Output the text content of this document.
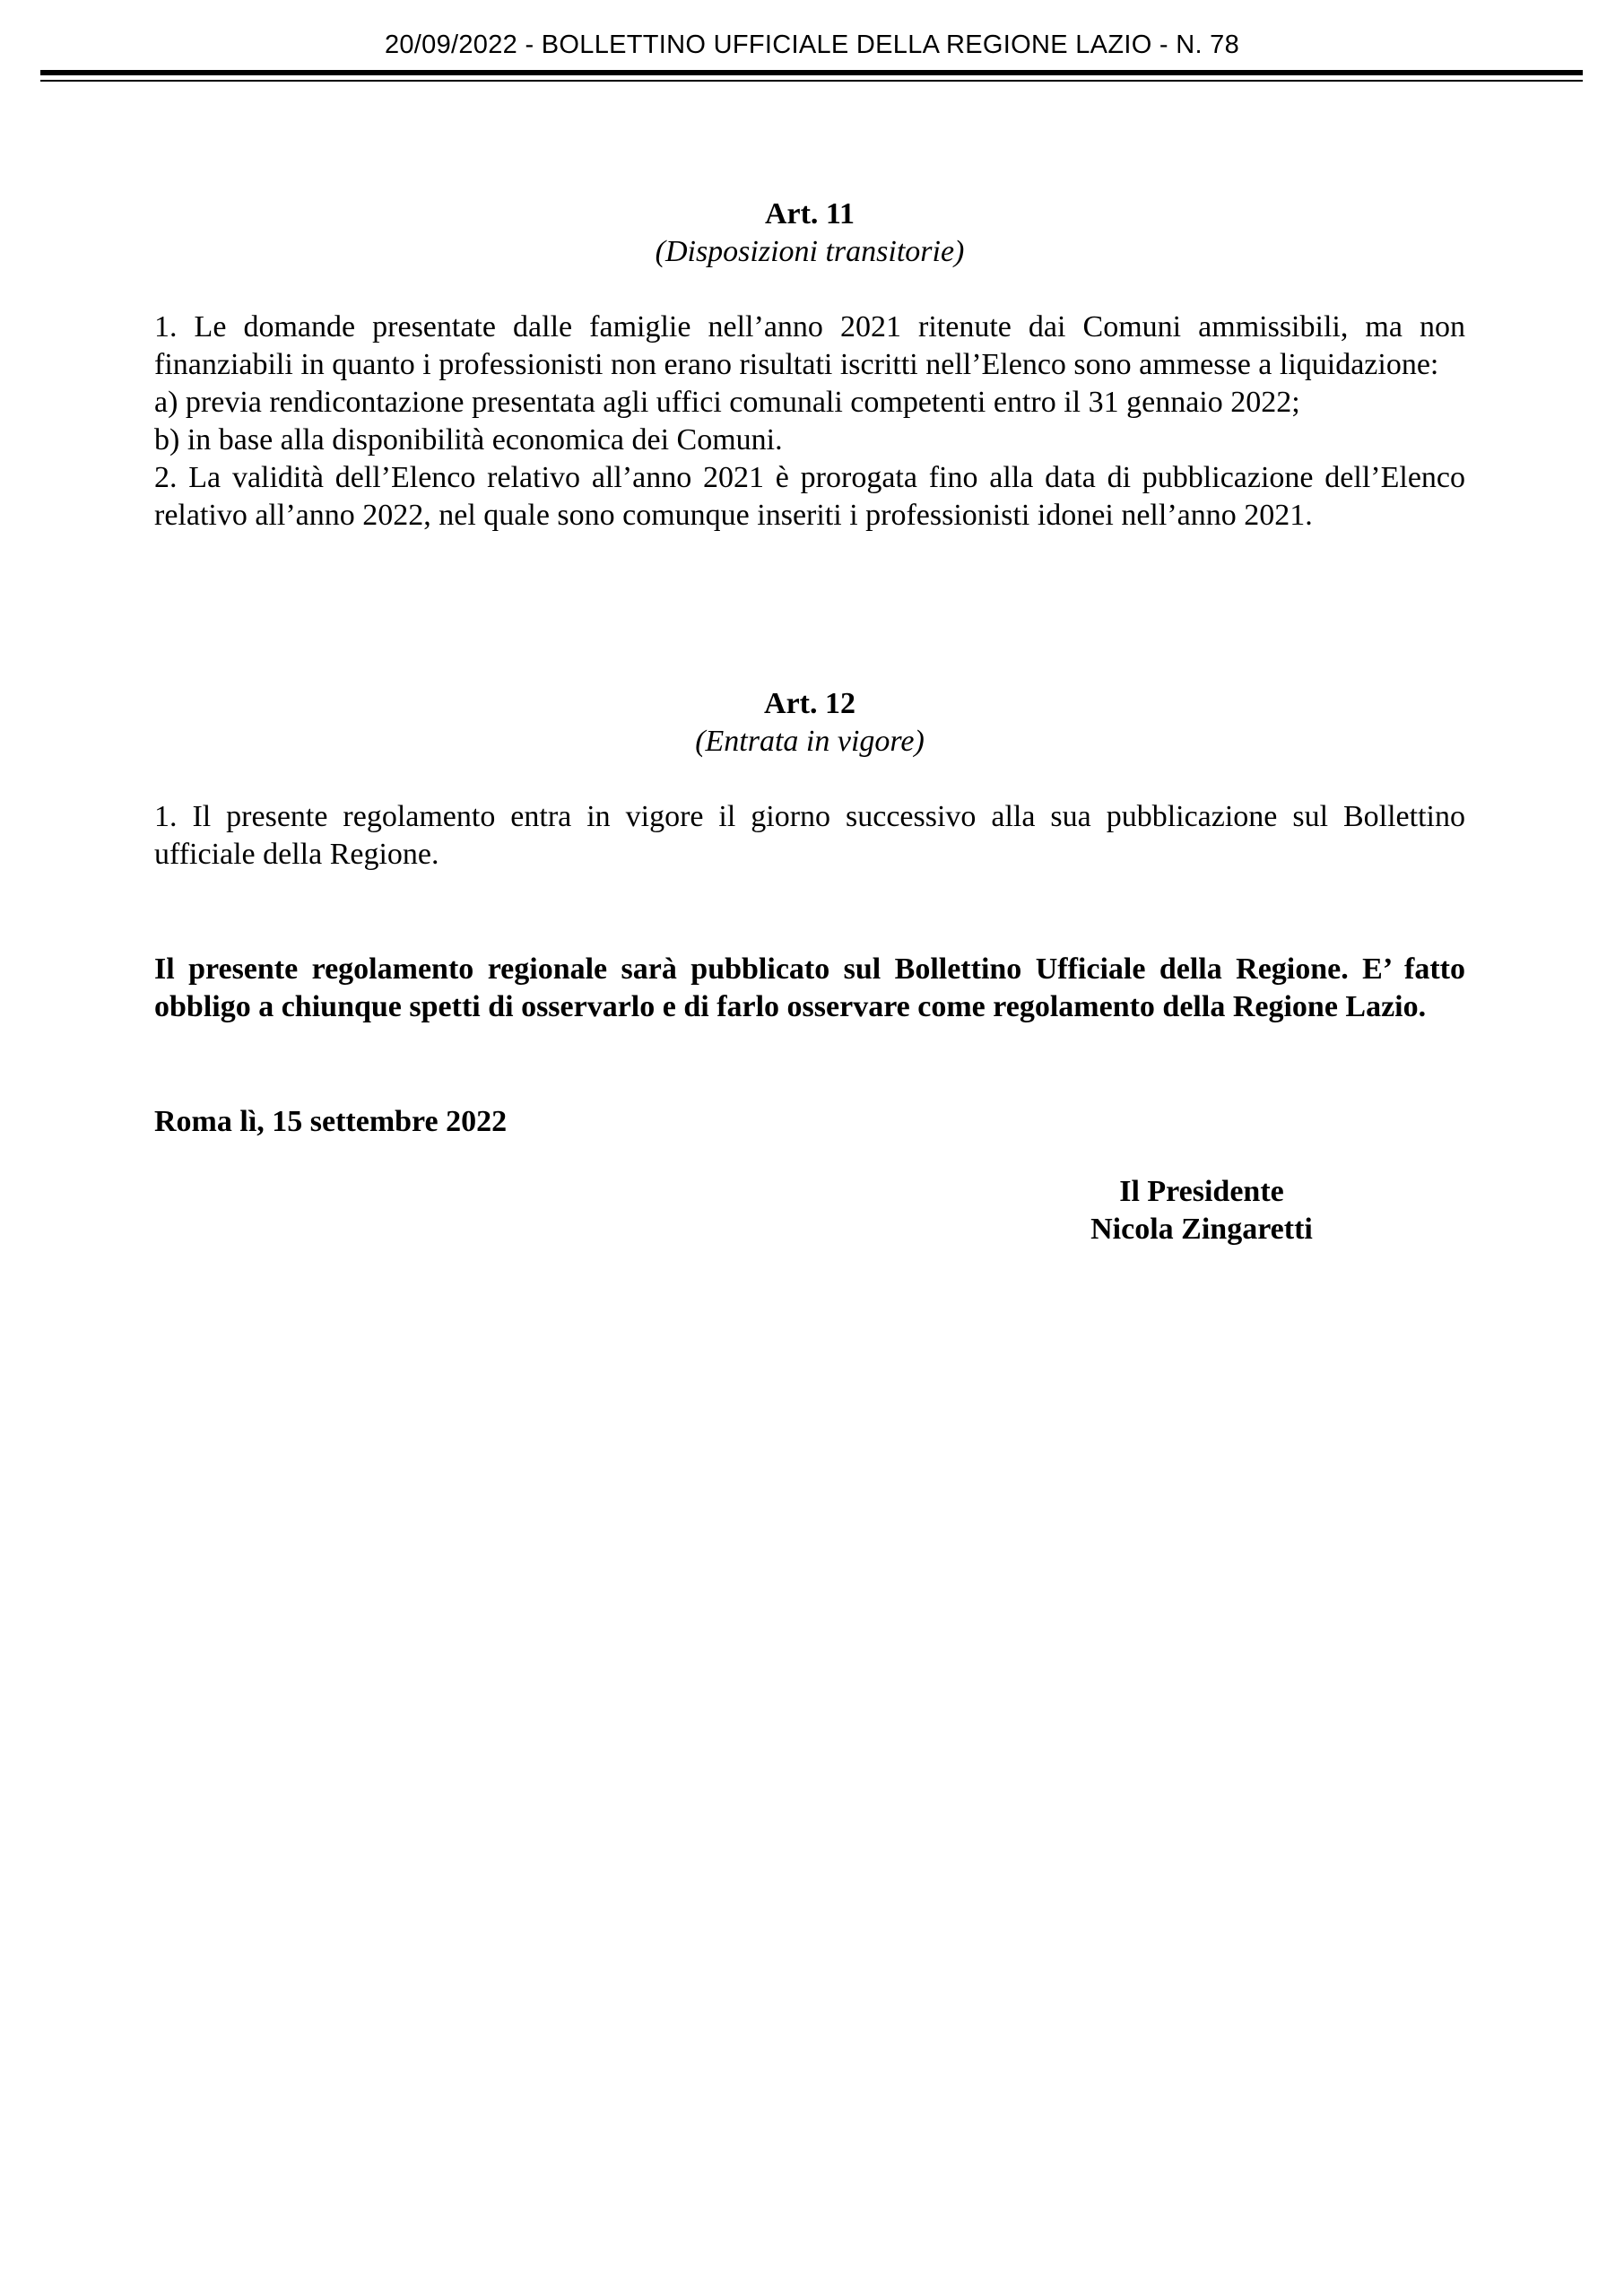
20/09/2022 - BOLLETTINO UFFICIALE DELLA REGIONE LAZIO - N. 78

Art. 11

(Disposizioni transitorie)

1. Le domande presentate dalle famiglie nell’anno 2021 ritenute dai Comuni ammissibili, ma non finanziabili in quanto i professionisti non erano risultati iscritti nell’Elenco sono ammesse a liquidazione:

a) previa rendicontazione presentata agli uffici comunali competenti entro il 31 gennaio 2022;

b) in base alla disponibilità economica dei Comuni.

2. La validità dell’Elenco relativo all’anno 2021 è prorogata fino alla data di pubblicazione dell’Elenco relativo all’anno 2022, nel quale sono comunque inseriti i professionisti idonei nell’anno 2021.

Art. 12

(Entrata in vigore)

1. Il presente regolamento entra in vigore il giorno successivo alla sua pubblicazione sul Bollettino ufficiale della Regione.

Il presente regolamento regionale sarà pubblicato sul Bollettino Ufficiale della Regione. E’ fatto obbligo a chiunque spetti di osservarlo e di farlo osservare come regolamento della Regione Lazio.

Roma lì, 15 settembre 2022
Il Presidente
Nicola Zingaretti
